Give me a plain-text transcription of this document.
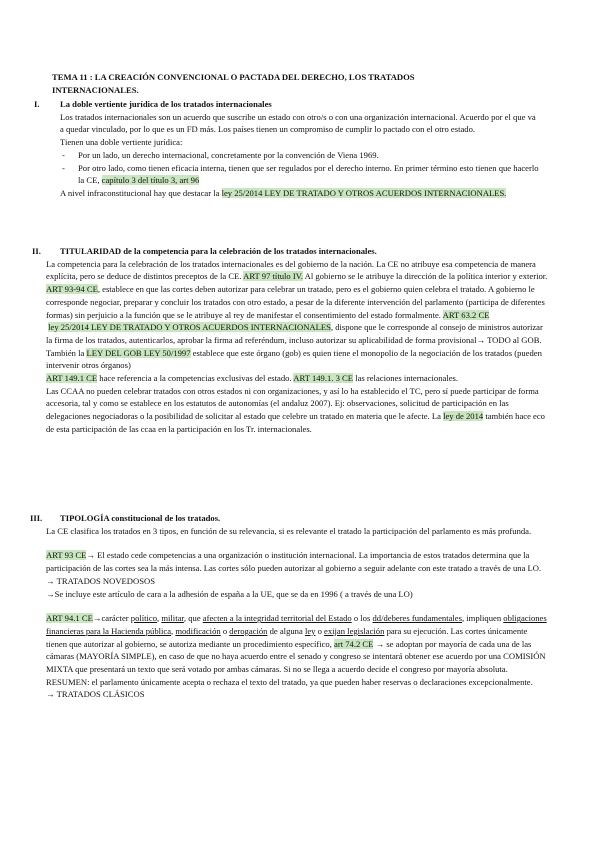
TEMA 11 : LA CREACIÓN CONVENCIONAL O PACTADA DEL DERECHO, LOS TRATADOS INTERNACIONALES.
I.	La doble vertiente jurídica de los tratados internacionales

Los tratados internacionales son un acuerdo que suscribe un estado con otro/s o con una organización internacional. Acuerdo por el que va a quedar vinculado, por lo que es un FD más. Los países tienen un compromiso de cumplir lo pactado con el otro estado.

Tienen una doble vertiente jurídica:

-	Por un lado, un derecho internacional, concretamente por la convención de Viena 1969.

-	Por otro lado, como tienen eficacia interna, tienen que ser regulados por el derecho interno. En primer término esto tienen que hacerlo la CE, capítulo 3 del título 3, art 96

A nivel infraconstitucional hay que destacar la ley 25/2014 LEY DE TRATADO Y OTROS ACUERDOS INTERNACIONALES.

II.	TITULARIDAD de la competencia para la celebración de los tratados internacionales.

La competencia para la celebración de los tratados internacionales es del gobierno de la nación. La CE no atribuye esa competencia de manera explícita, pero se deduce de distintos preceptos de la CE. ART 97 título IV. Al gobierno se le atribuye la dirección de la política interior y exterior.

ART 93-94 CE, establece en que las cortes deben autorizar para celebrar un tratado, pero es el gobierno quien celebra el tratado. A gobierno le corresponde negociar, preparar y concluir los tratados con otro estado, a pesar de la diferente intervención del parlamento (participa de diferentes formas) sin perjuicio a la función que se le atribuye al rey de manifestar el consentimiento del estado formalmente. ART 63.2 CE

ley 25/2014 LEY DE TRATADO Y OTROS ACUERDOS INTERNACIONALES, dispone que le corresponde al consejo de ministros autorizar la firma de los tratados, autenticarlos, aprobar la firma ad referéndum, incluso autorizar su aplicabilidad de forma provisional→ TODO al GOB.

También la LEY DEL GOB LEY 50/1997 establece que este órgano (gob) es quien tiene el monopolio de la negociación de los tratados (pueden intervenir otros órganos)

ART 149.1 CE hace referencia a la competencias exclusivas del estado. ART 149.1. 3 CE las relaciones internacionales.

Las CCAA no pueden celebrar tratados con otros estados ni con organizaciones, y así lo ha establecido el TC, pero sí puede participar de forma accesoria, tal y como se establece en los estatutos de autonomías (el andaluz 2007). Ej: observaciones, solicitud de participación en las delegaciones negociadoras o la posibilidad de solicitar al estado que celebre un tratado en materia que le afecte. La ley de 2014 también hace eco de esta participación de las ccaa en la participación en los Tr. internacionales.

III.	TIPOLOGÍA constitucional de los tratados.

La CE clasifica los tratados en 3 tipos, en función de su relevancia, si es relevante el tratado la participación del parlamento es más profunda.

ART 93 CE→ El estado cede competencias a una organización o institución internacional. La importancia de estos tratados determina que la participación de las cortes sea la más intensa. Las cortes sólo pueden autorizar al gobierno a seguir adelante con este tratado a través de una LO.

→ TRATADOS NOVEDOSOS

→Se incluye este artículo de cara a la adhesión de españa a la UE, que se da en 1996 ( a través de una LO)

ART 94.1 CE→carácter político, militar, que afecten a la integridad territorial del Estado o los dd/deberes fundamentales, impliquen obligaciones financieras para la Hacienda pública, modificación o derogación de alguna ley o exijan legislación para su ejecución. Las cortes únicamente tienen que autorizar al gobierno, se autoriza mediante un procedimiento específico, art 74.2 CE → se adoptan por mayoría de cada una de las cámaras (MAYORÍA SIMPLE), en caso de que no haya acuerdo entre el senado y congreso se intentará obtener ese acuerdo por una COMISIÓN MIXTA que presentará un texto que será votado por ambas cámaras. Si no se llega a acuerdo decide el congreso por mayoría absoluta. RESUMEN: el parlamento únicamente acepta o rechaza el texto del tratado, ya que pueden haber reservas o declaraciones excepcionalmente.

→ TRATADOS CLÁSICOS
